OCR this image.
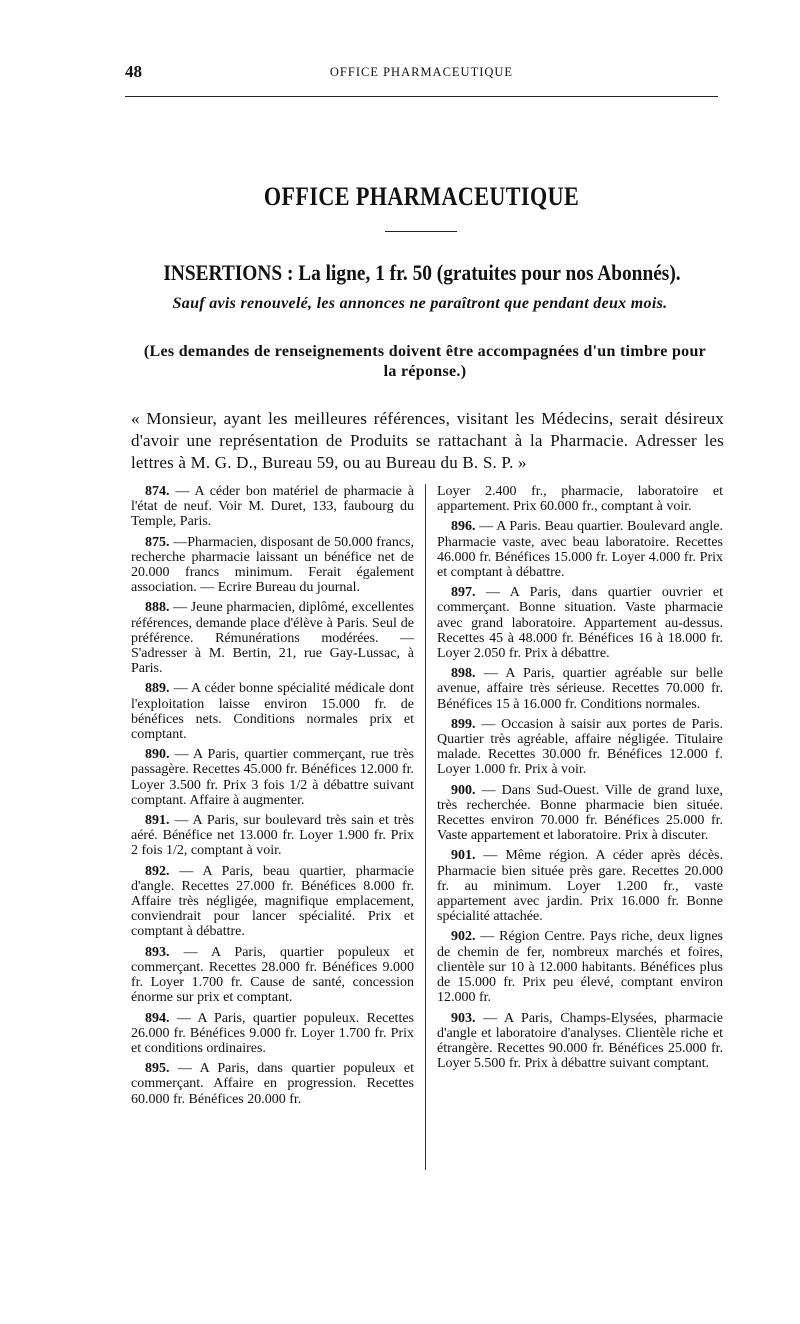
48	OFFICE PHARMACEUTIQUE
OFFICE PHARMACEUTIQUE
INSERTIONS : La ligne, 1 fr. 50 (gratuites pour nos Abonnés).
Sauf avis renouvelé, les annonces ne paraîtront que pendant deux mois.
(Les demandes de renseignements doivent être accompagnées d'un timbre pour la réponse.)
« Monsieur, ayant les meilleures références, visitant les Médecins, serait désireux d'avoir une représentation de Produits se rattachant à la Pharmacie. Adresser les lettres à M. G. D., Bureau 59, ou au Bureau du B. S. P. »

874. — A céder bon matériel de pharmacie à l'état de neuf. Voir M. Duret, 133, faubourg du Temple, Paris.

875. —Pharmacien, disposant de 50.000 francs, recherche pharmacie laissant un bénéfice net de 20.000 francs minimum. Ferait également association. — Ecrire Bureau du journal.

888. — Jeune pharmacien, diplômé, excellentes références, demande place d'élève à Paris. Seul de préférence. Rémunérations modérées. — S'adresser à M. Bertin, 21, rue Gay-Lussac, à Paris.

889. — A céder bonne spécialité médicale dont l'exploitation laisse environ 15.000 fr. de bénéfices nets. Conditions normales prix et comptant.

890. — A Paris, quartier commerçant, rue très passagère. Recettes 45.000 fr. Bénéfices 12.000 fr. Loyer 3.500 fr. Prix 3 fois 1/2 à débattre suivant comptant. Affaire à augmenter.

891. — A Paris, sur boulevard très sain et très aéré. Bénéfice net 13.000 fr. Loyer 1.900 fr. Prix 2 fois 1/2, comptant à voir.

892. — A Paris, beau quartier, pharmacie d'angle. Recettes 27.000 fr. Bénéfices 8.000 fr. Affaire très négligée, magnifique emplacement, conviendrait pour lancer spécialité. Prix et comptant à débattre.

893. — A Paris, quartier populeux et commerçant. Recettes 28.000 fr. Bénéfices 9.000 fr. Loyer 1.700 fr. Cause de santé, concession énorme sur prix et comptant.

894. — A Paris, quartier populeux. Recettes 26.000 fr. Bénéfices 9.000 fr. Loyer 1.700 fr. Prix et conditions ordinaires.

895. — A Paris, dans quartier populeux et commerçant. Affaire en progression. Recettes 60.000 fr. Bénéfices 20.000 fr.

Loyer 2.400 fr., pharmacie, laboratoire et appartement. Prix 60.000 fr., comptant à voir.

896. — A Paris. Beau quartier. Boulevard angle. Pharmacie vaste, avec beau laboratoire. Recettes 46.000 fr. Bénéfices 15.000 fr. Loyer 4.000 fr. Prix et comptant à débattre.

897. — A Paris, dans quartier ouvrier et commerçant. Bonne situation. Vaste pharmacie avec grand laboratoire. Appartement au-dessus. Recettes 45 à 48.000 fr. Bénéfices 16 à 18.000 fr. Loyer 2.050 fr. Prix à débattre.

898. — A Paris, quartier agréable sur belle avenue, affaire très sérieuse. Recettes 70.000 fr. Bénéfices 15 à 16.000 fr. Conditions normales.

899. — Occasion à saisir aux portes de Paris. Quartier très agréable, affaire négligée. Titulaire malade. Recettes 30.000 fr. Bénéfices 12.000 f. Loyer 1.000 fr. Prix à voir.

900. — Dans Sud-Ouest. Ville de grand luxe, très recherchée. Bonne pharmacie bien située. Recettes environ 70.000 fr. Bénéfices 25.000 fr. Vaste appartement et laboratoire. Prix à discuter.

901. — Même région. A céder après décès. Pharmacie bien située près gare. Recettes 20.000 fr. au minimum. Loyer 1.200 fr., vaste appartement avec jardin. Prix 16.000 fr. Bonne spécialité attachée.

902. — Région Centre. Pays riche, deux lignes de chemin de fer, nombreux marchés et foires, clientèle sur 10 à 12.000 habitants. Bénéfices plus de 15.000 fr. Prix peu élevé, comptant environ 12.000 fr.

903. — A Paris, Champs-Elysées, pharmacie d'angle et laboratoire d'analyses. Clientèle riche et étrangère. Recettes 90.000 fr. Bénéfices 25.000 fr. Loyer 5.500 fr. Prix à débattre suivant comptant.
